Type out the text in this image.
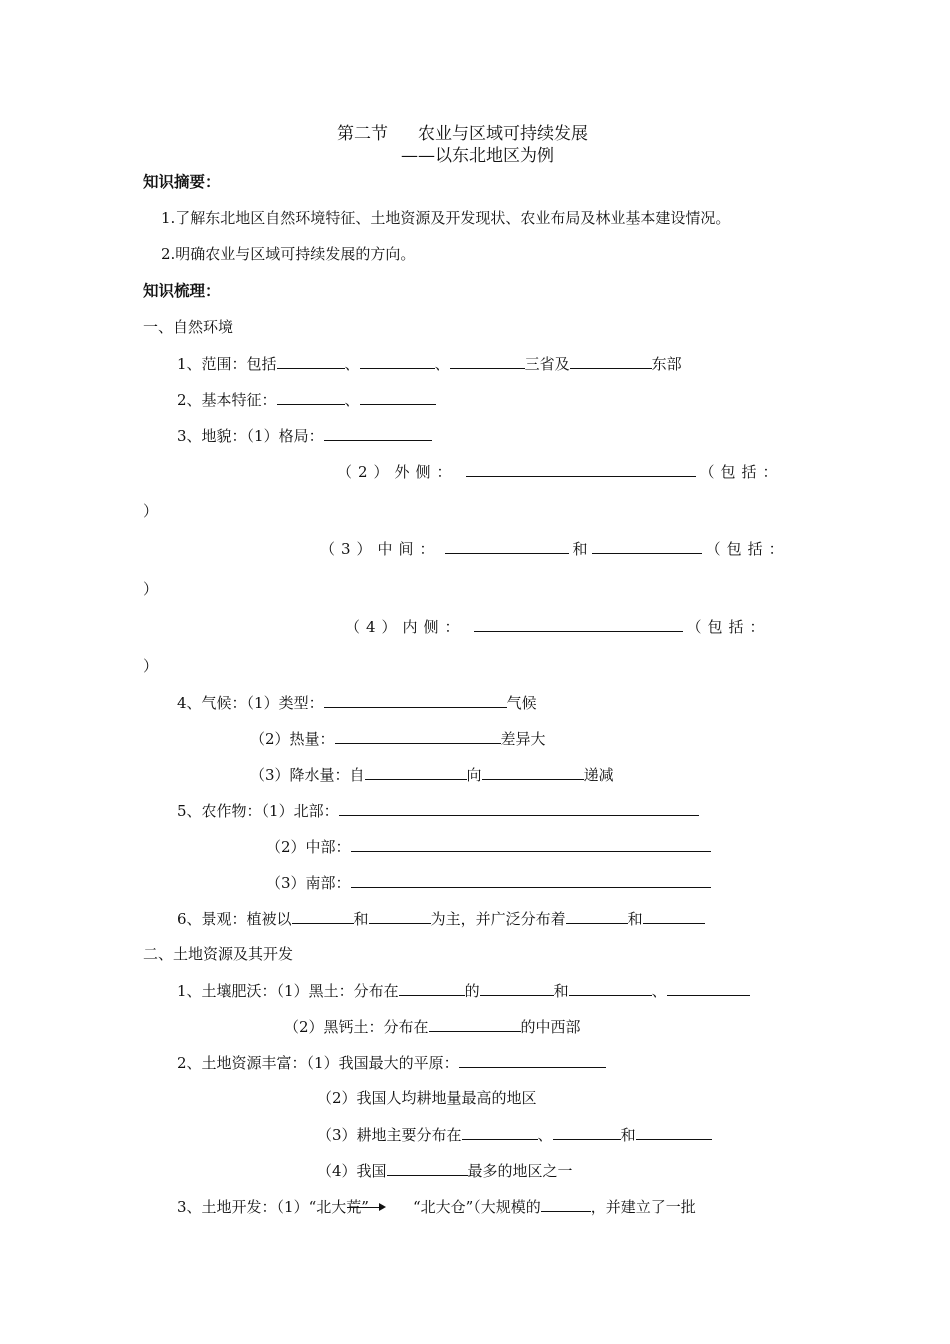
第二节 农业与区域可持续发展
——以东北地区为例
知识摘要：
1.了解东北地区自然环境特征、土地资源及开发现状、农业布局及林业基本建设情况。
2.明确农业与区域可持续发展的方向。
知识梳理：
一、自然环境
1、范围：包括	、	、	三省及	东部
2、基本特征：	、
3、地貌：（1）格局：
（2）外侧：	（包括：
）
（3）中间：	和	（包括：
）
（4）内侧：	（包括：
）
4、气候：（1）类型：	气候
（2）热量：	差异大
（3）降水量：自	向	递减
5、农作物：（1）北部：
（2）中部：
（3）南部：
6、景观：植被以	和	为主，并广泛分布着	和
二、土地资源及其开发
1、土壤肥沃：（1）黑土：分布在	的	和	、
（2）黑钙土：分布在	的中西部
2、土地资源丰富：（1）我国最大的平原：
（2）我国人均耕地量最高的地区
（3）耕地主要分布在	、	和
（4）我国	最多的地区之一
3、土地开发：（1）“北大荒”	“北大仓”（大规模的	，并建立了一批
